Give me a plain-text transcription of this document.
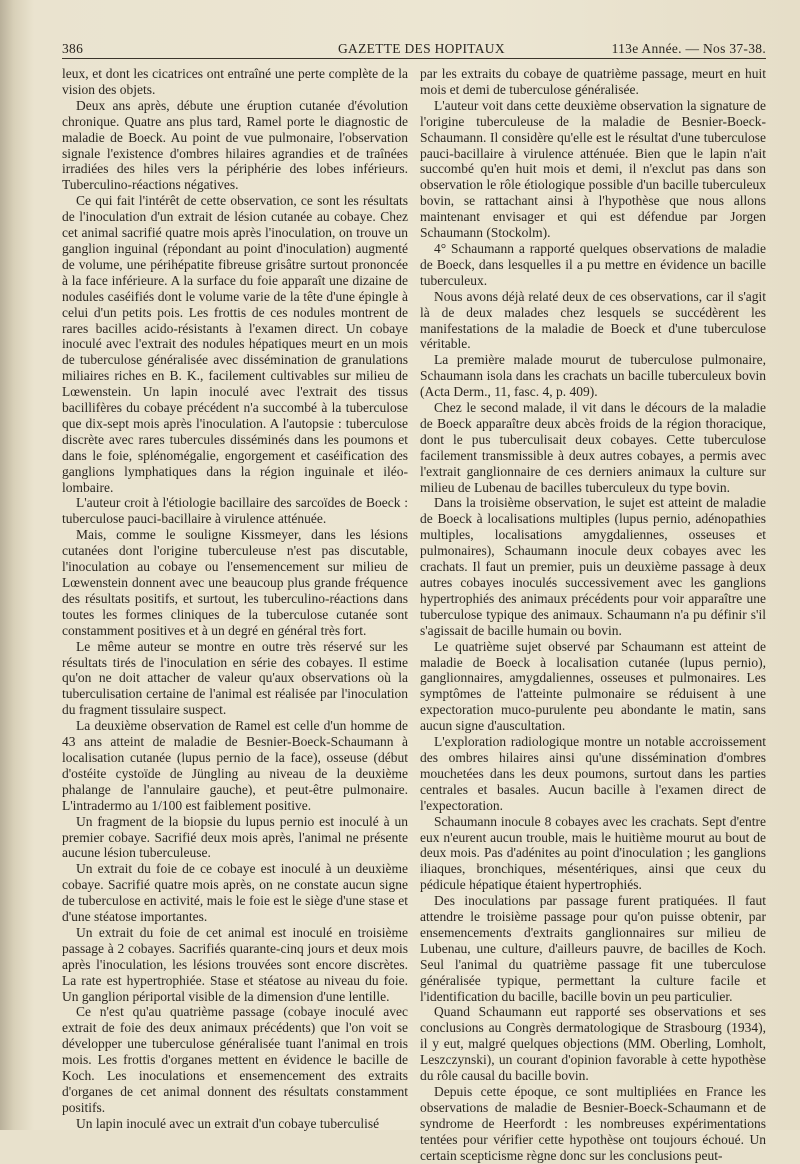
386	GAZETTE DES HOPITAUX	113e Année. — Nos 37-38.

leux, et dont les cicatrices ont entraîné une perte complète de la vision des objets.

Deux ans après, débute une éruption cutanée d'évolution chronique. Quatre ans plus tard, Ramel porte le diagnostic de maladie de Boeck. Au point de vue pulmonaire, l'observation signale l'existence d'ombres hilaires agrandies et de traînées irradiées des hiles vers la périphérie des lobes inférieurs. Tuberculino-réactions négatives.

Ce qui fait l'intérêt de cette observation, ce sont les résultats de l'inoculation d'un extrait de lésion cutanée au cobaye. Chez cet animal sacrifié quatre mois après l'inoculation, on trouve un ganglion inguinal (répondant au point d'inoculation) augmenté de volume, une périhépatite fibreuse grisâtre surtout prononcée à la face inférieure. A la surface du foie apparaît une dizaine de nodules caséifiés dont le volume varie de la tête d'une épingle à celui d'un petits pois. Les frottis de ces nodules montrent de rares bacilles acido-résistants à l'examen direct. Un cobaye inoculé avec l'extrait des nodules hépatiques meurt en un mois de tuberculose généralisée avec dissémination de granulations miliaires riches en B. K., facilement cultivables sur milieu de Lœwenstein. Un lapin inoculé avec l'extrait des tissus bacillifères du cobaye précédent n'a succombé à la tuberculose que dix-sept mois après l'inoculation. A l'autopsie : tuberculose discrète avec rares tubercules disséminés dans les poumons et dans le foie, splénomégalie, engorgement et caséification des ganglions lymphatiques dans la région inguinale et iléo-lombaire.

L'auteur croit à l'étiologie bacillaire des sarcoïdes de Boeck : tuberculose pauci-bacillaire à virulence atténuée.

Mais, comme le souligne Kissmeyer, dans les lésions cutanées dont l'origine tuberculeuse n'est pas discutable, l'inoculation au cobaye ou l'ensemencement sur milieu de Lœwenstein donnent avec une beaucoup plus grande fréquence des résultats positifs, et surtout, les tuberculino-réactions dans toutes les formes cliniques de la tuberculose cutanée sont constamment positives et à un degré en général très fort.

Le même auteur se montre en outre très réservé sur les résultats tirés de l'inoculation en série des cobayes. Il estime qu'on ne doit attacher de valeur qu'aux observations où la tuberculisation certaine de l'animal est réalisée par l'inoculation du fragment tissulaire suspect.

La deuxième observation de Ramel est celle d'un homme de 43 ans atteint de maladie de Besnier-Boeck-Schaumann à localisation cutanée (lupus pernio de la face), osseuse (début d'ostéite cystoïde de Jüngling au niveau de la deuxième phalange de l'annulaire gauche), et peut-être pulmonaire. L'intradermo au 1/100 est faiblement positive.

Un fragment de la biopsie du lupus pernio est inoculé à un premier cobaye. Sacrifié deux mois après, l'animal ne présente aucune lésion tuberculeuse.

Un extrait du foie de ce cobaye est inoculé à un deuxième cobaye. Sacrifié quatre mois après, on ne constate aucun signe de tuberculose en activité, mais le foie est le siège d'une stase et d'une stéatose importantes.

Un extrait du foie de cet animal est inoculé en troisième passage à 2 cobayes. Sacrifiés quarante-cinq jours et deux mois après l'inoculation, les lésions trouvées sont encore discrètes. La rate est hypertrophiée. Stase et stéatose au niveau du foie. Un ganglion périportal visible de la dimension d'une lentille.

Ce n'est qu'au quatrième passage (cobaye inoculé avec extrait de foie des deux animaux précédents) que l'on voit se développer une tuberculose généralisée tuant l'animal en trois mois. Les frottis d'organes mettent en évidence le bacille de Koch. Les inoculations et ensemencement des extraits d'organes de cet animal donnent des résultats constamment positifs.

Un lapin inoculé avec un extrait d'un cobaye tuberculisé

par les extraits du cobaye de quatrième passage, meurt en huit mois et demi de tuberculose généralisée.

L'auteur voit dans cette deuxième observation la signature de l'origine tuberculeuse de la maladie de Besnier-Boeck-Schaumann. Il considère qu'elle est le résultat d'une tuberculose pauci-bacillaire à virulence atténuée. Bien que le lapin n'ait succombé qu'en huit mois et demi, il n'exclut pas dans son observation le rôle étiologique possible d'un bacille tuberculeux bovin, se rattachant ainsi à l'hypothèse que nous allons maintenant envisager et qui est défendue par Jorgen Schaumann (Stockolm).

4° Schaumann a rapporté quelques observations de maladie de Boeck, dans lesquelles il a pu mettre en évidence un bacille tuberculeux.

Nous avons déjà relaté deux de ces observations, car il s'agit là de deux malades chez lesquels se succédèrent les manifestations de la maladie de Boeck et d'une tuberculose véritable.

La première malade mourut de tuberculose pulmonaire, Schaumann isola dans les crachats un bacille tuberculeux bovin (Acta Derm., 11, fasc. 4, p. 409).

Chez le second malade, il vit dans le décours de la maladie de Boeck apparaître deux abcès froids de la région thoracique, dont le pus tuberculisait deux cobayes. Cette tuberculose facilement transmissible à deux autres cobayes, a permis avec l'extrait ganglionnaire de ces derniers animaux la culture sur milieu de Lubenau de bacilles tuberculeux du type bovin.

Dans la troisième observation, le sujet est atteint de maladie de Boeck à localisations multiples (lupus pernio, adénopathies multiples, localisations amygdaliennes, osseuses et pulmonaires), Schaumann inocule deux cobayes avec les crachats. Il faut un premier, puis un deuxième passage à deux autres cobayes inoculés successivement avec les ganglions hypertrophiés des animaux précédents pour voir apparaître une tuberculose typique des animaux. Schaumann n'a pu définir s'il s'agissait de bacille humain ou bovin.

Le quatrième sujet observé par Schaumann est atteint de maladie de Boeck à localisation cutanée (lupus pernio), ganglionnaires, amygdaliennes, osseuses et pulmonaires. Les symptômes de l'atteinte pulmonaire se réduisent à une expectoration muco-purulente peu abondante le matin, sans aucun signe d'auscultation.

L'exploration radiologique montre un notable accroissement des ombres hilaires ainsi qu'une dissémination d'ombres mouchetées dans les deux poumons, surtout dans les parties centrales et basales. Aucun bacille à l'examen direct de l'expectoration.

Schaumann inocule 8 cobayes avec les crachats. Sept d'entre eux n'eurent aucun trouble, mais le huitième mourut au bout de deux mois. Pas d'adénites au point d'inoculation ; les ganglions iliaques, bronchiques, mésentériques, ainsi que ceux du pédicule hépatique étaient hypertrophiés.

Des inoculations par passage furent pratiquées. Il faut attendre le troisième passage pour qu'on puisse obtenir, par ensemencements d'extraits ganglionnaires sur milieu de Lubenau, une culture, d'ailleurs pauvre, de bacilles de Koch. Seul l'animal du quatrième passage fit une tuberculose généralisée typique, permettant la culture facile et l'identification du bacille, bacille bovin un peu particulier.

Quand Schaumann eut rapporté ses observations et ses conclusions au Congrès dermatologique de Strasbourg (1934), il y eut, malgré quelques objections (MM. Oberling, Lomholt, Leszczynski), un courant d'opinion favorable à cette hypothèse du rôle causal du bacille bovin.

Depuis cette époque, ce sont multipliées en France les observations de maladie de Besnier-Boeck-Schaumann et de syndrome de Heerfordt : les nombreuses expérimentations tentées pour vérifier cette hypothèse ont toujours échoué. Un certain scepticisme règne donc sur les conclusions peut-
